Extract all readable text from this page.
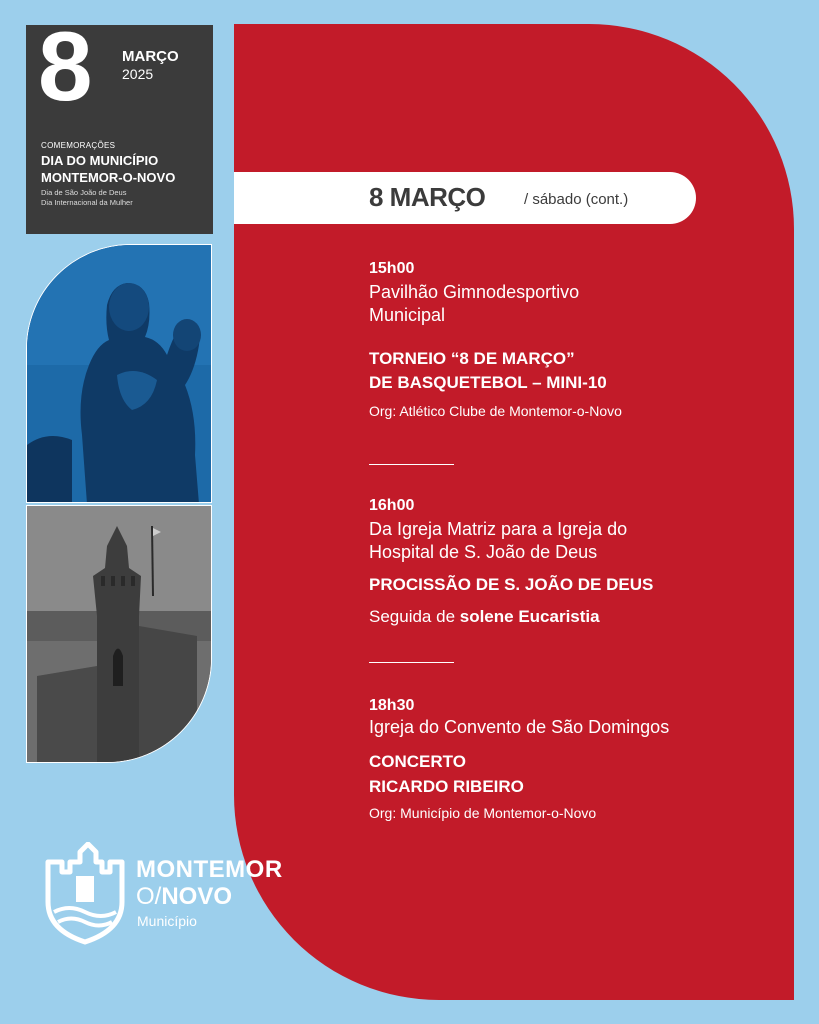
8 MARÇO
2025
COMEMORAÇÕES
DIA DO MUNICÍPIO
MONTEMOR-O-NOVO
Dia de São João de Deus
Dia Internacional da Mulher	8 MARÇO	/ sábado (cont.)
15h00
Pavilhão Gimnodesportivo
Municipal
TORNEIO “8 DE MARÇO”
DE BASQUETEBOL – MINI-10
Org: Atlético Clube de Montemor-o-Novo
16h00
Da Igreja Matriz para a Igreja do
Hospital de S. João de Deus
PROCISSÃO DE S. JOÃO DE DEUS
Seguida de solene Eucaristia
18h30
Igreja do Convento de São Domingos
CONCERTO
RICARDO RIBEIRO
Org: Município de Montemor-o-Novo
MONTEMOR
O/NOVO
Município
